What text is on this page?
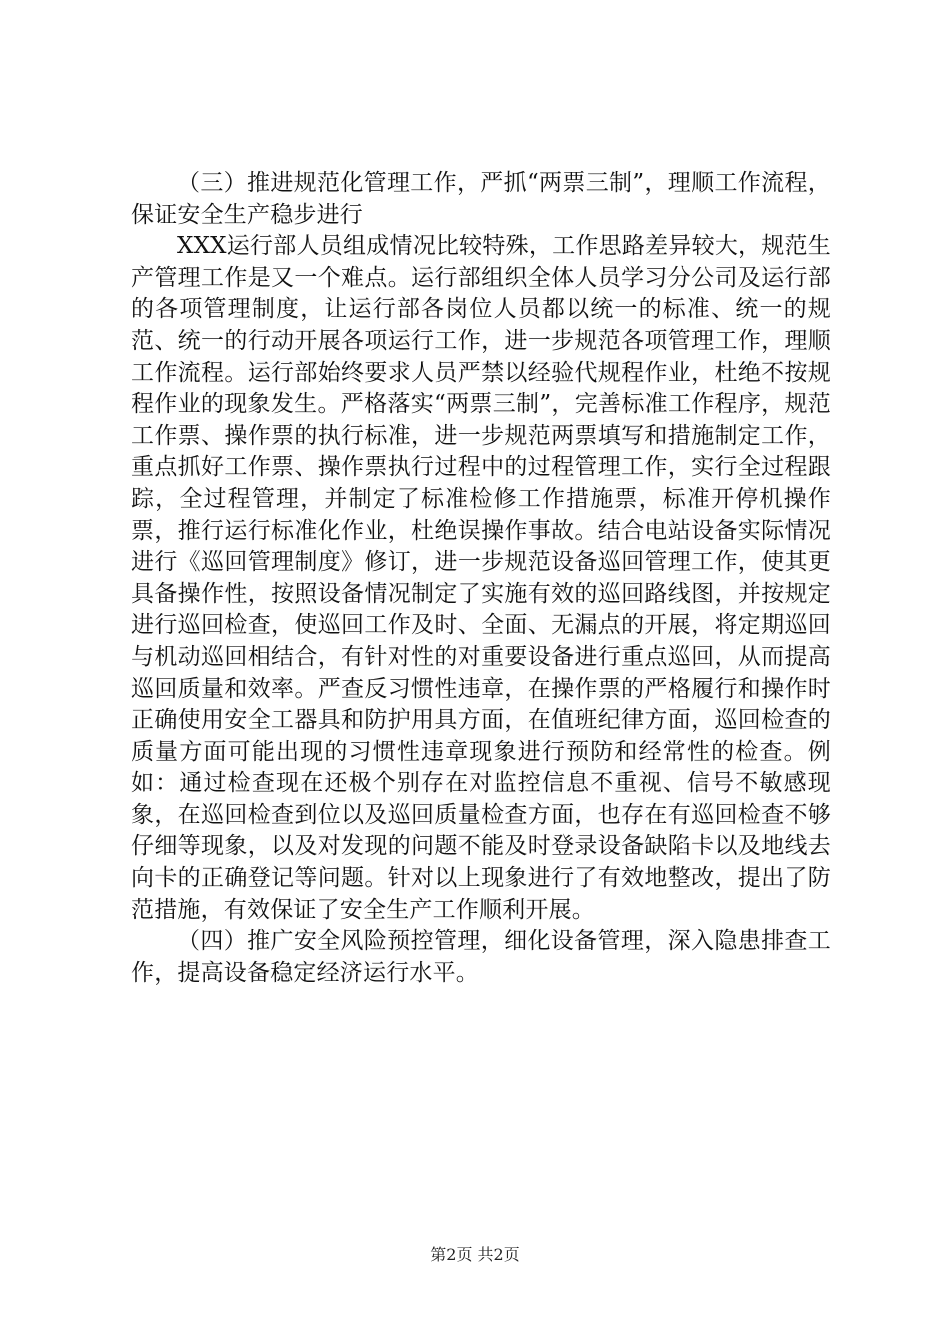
（三）推进规范化管理工作，严抓“两票三制”，理顺工作流程，保证安全生产稳步进行

XXX运行部人员组成情况比较特殊，工作思路差异较大，规范生产管理工作是又一个难点。运行部组织全体人员学习分公司及运行部的各项管理制度，让运行部各岗位人员都以统一的标准、统一的规范、统一的行动开展各项运行工作，进一步规范各项管理工作，理顺工作流程。运行部始终要求人员严禁以经验代规程作业，杜绝不按规程作业的现象发生。严格落实“两票三制”，完善标准工作程序，规范工作票、操作票的执行标准，进一步规范两票填写和措施制定工作，重点抓好工作票、操作票执行过程中的过程管理工作，实行全过程跟踪，全过程管理，并制定了标准检修工作措施票，标准开停机操作票，推行运行标准化作业，杜绝误操作事故。结合电站设备实际情况进行《巡回管理制度》修订，进一步规范设备巡回管理工作，使其更具备操作性，按照设备情况制定了实施有效的巡回路线图，并按规定进行巡回检查，使巡回工作及时、全面、无漏点的开展，将定期巡回与机动巡回相结合，有针对性的对重要设备进行重点巡回，从而提高巡回质量和效率。严查反习惯性违章，在操作票的严格履行和操作时正确使用安全工器具和防护用具方面，在值班纪律方面，巡回检查的质量方面可能出现的习惯性违章现象进行预防和经常性的检查。例如：通过检查现在还极个别存在对监控信息不重视、信号不敏感现象，在巡回检查到位以及巡回质量检查方面，也存在有巡回检查不够仔细等现象，以及对发现的问题不能及时登录设备缺陷卡以及地线去向卡的正确登记等问题。针对以上现象进行了有效地整改，提出了防范措施，有效保证了安全生产工作顺利开展。

（四）推广安全风险预控管理，细化设备管理，深入隐患排查工作，提高设备稳定经济运行水平。

第2页 共2页
